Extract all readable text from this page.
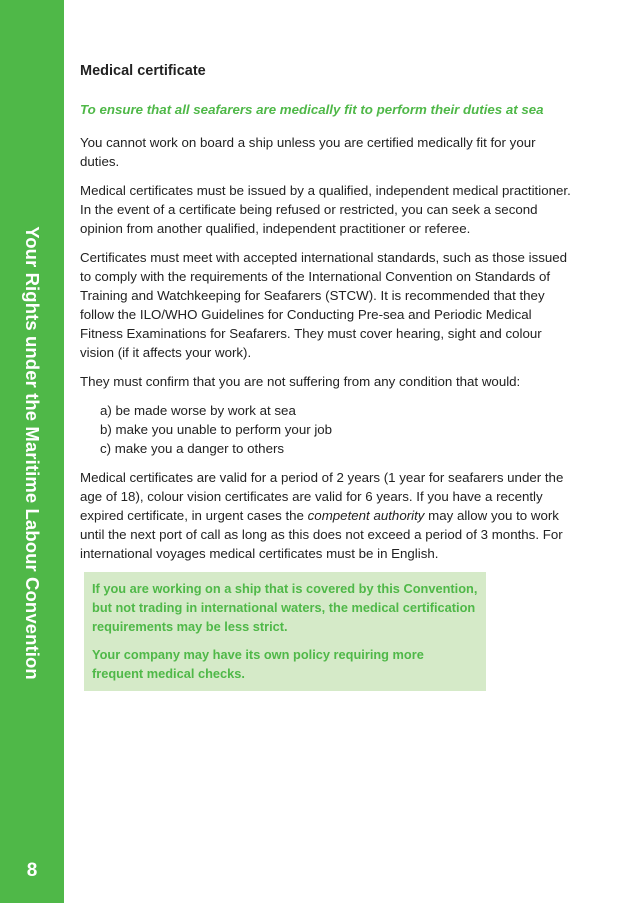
Your Rights under the Maritime Labour Convention
8

Medical certificate

To ensure that all seafarers are medically fit to perform their duties at sea

You cannot work on board a ship unless you are certified medically fit for your duties.

Medical certificates must be issued by a qualified, independent medical practitioner. In the event of a certificate being refused or restricted, you can seek a second opinion from another qualified, independent practitioner or referee.

Certificates must meet with accepted international standards, such as those issued to comply with the requirements of the International Convention on Standards of Training and Watchkeeping for Seafarers (STCW). It is recommended that they follow the ILO/WHO Guidelines for Conducting Pre-sea and Periodic Medical Fitness Examinations for Seafarers. They must cover hearing, sight and colour vision (if it affects your work).

They must confirm that you are not suffering from any condition that would:

a) be made worse by work at sea
b) make you unable to perform your job
c) make you a danger to others

Medical certificates are valid for a period of 2 years (1 year for seafarers under the age of 18), colour vision certificates are valid for 6 years. If you have a recently expired certificate, in urgent cases the competent authority may allow you to work until the next port of call as long as this does not exceed a period of 3 months. For international voyages medical certificates must be in English.

If you are working on a ship that is covered by this Convention, but not trading in international waters, the medical certification requirements may be less strict.

Your company may have its own policy requiring more frequent medical checks.
